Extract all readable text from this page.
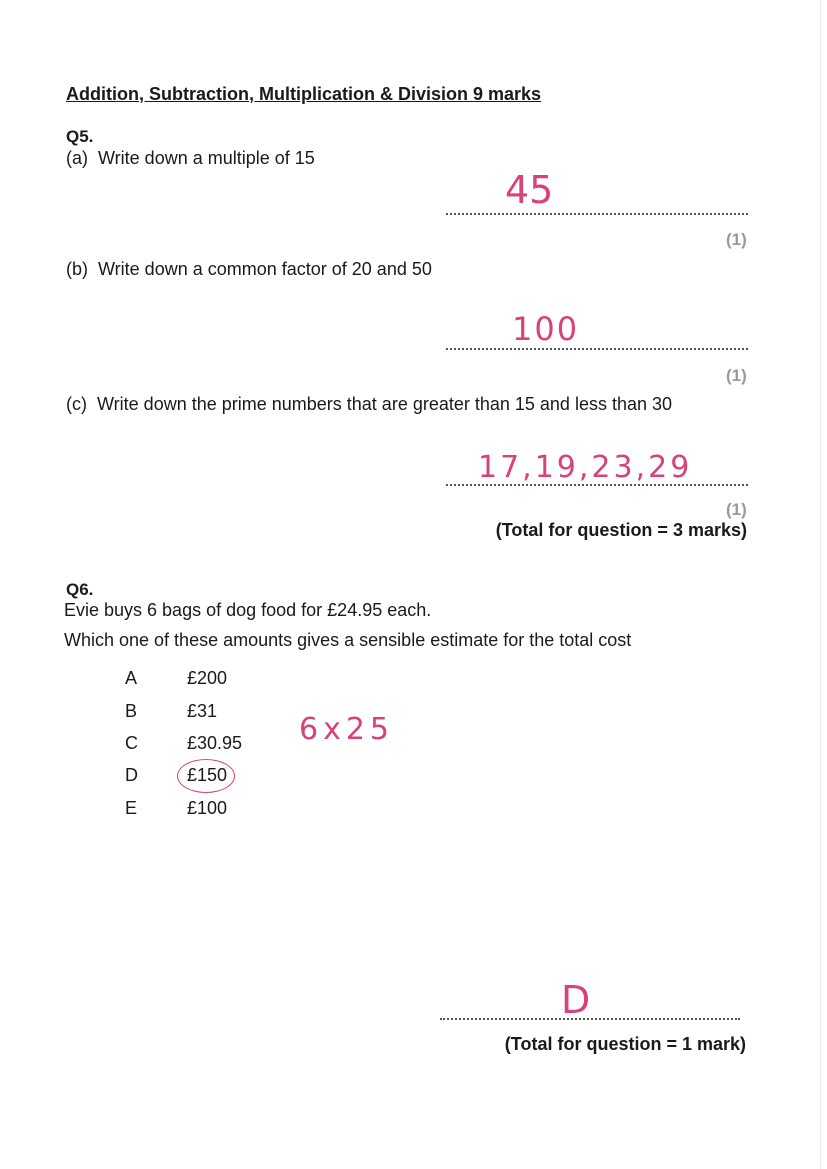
Addition, Subtraction, Multiplication & Division 9 marks
Q5.
(a) Write down a multiple of 15
45
(1)
(b) Write down a common factor of 20 and 50
100
(1)
(c) Write down the prime numbers that are greater than 15 and less than 30
17,19,23,29
(1)
(Total for question = 3 marks)
Q6.
Evie buys 6 bags of dog food for £24.95 each.
Which one of these amounts gives a sensible estimate for the total cost
A	£200
B	£31
C	£30.95
D	£150
E	£100
6x25
D
(Total for question = 1 mark)
